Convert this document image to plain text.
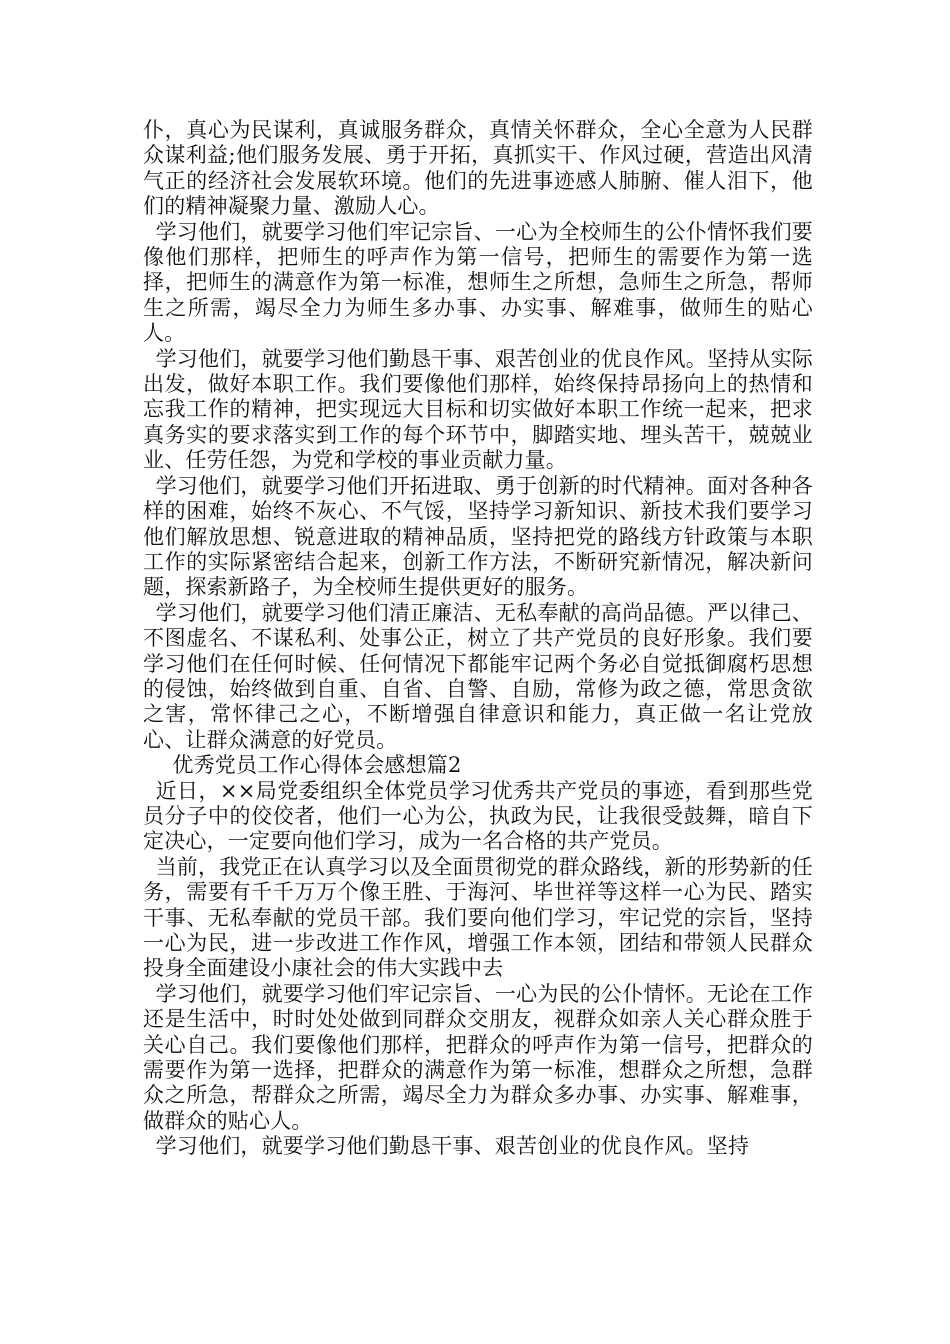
仆，真心为民谋利，真诚服务群众，真情关怀群众，全心全意为人民群众谋利益;他们服务发展、勇于开拓，真抓实干、作风过硬，营造出风清气正的经济社会发展软环境。他们的先进事迹感人肺腑、催人泪下，他们的精神凝聚力量、激励人心。

学习他们，就要学习他们牢记宗旨、一心为全校师生的公仆情怀我们要像他们那样，把师生的呼声作为第一信号，把师生的需要作为第一选择，把师生的满意作为第一标准，想师生之所想，急师生之所急，帮师生之所需，竭尽全力为师生多办事、办实事、解难事，做师生的贴心人。

学习他们，就要学习他们勤恳干事、艰苦创业的优良作风。坚持从实际出发，做好本职工作。我们要像他们那样，始终保持昂扬向上的热情和忘我工作的精神，把实现远大目标和切实做好本职工作统一起来，把求真务实的要求落实到工作的每个环节中，脚踏实地、埋头苦干，兢兢业业、任劳任怨，为党和学校的事业贡献力量。

学习他们，就要学习他们开拓进取、勇于创新的时代精神。面对各种各样的困难，始终不灰心、不气馁，坚持学习新知识、新技术我们要学习他们解放思想、锐意进取的精神品质，坚持把党的路线方针政策与本职工作的实际紧密结合起来，创新工作方法，不断研究新情况，解决新问题，探索新路子，为全校师生提供更好的服务。

学习他们，就要学习他们清正廉洁、无私奉献的高尚品德。严以律己、不图虚名、不谋私利、处事公正，树立了共产党员的良好形象。我们要学习他们在任何时候、任何情况下都能牢记两个务必自觉抵御腐朽思想的侵蚀，始终做到自重、自省、自警、自励，常修为政之德，常思贪欲之害，常怀律己之心，不断增强自律意识和能力，真正做一名让党放心、让群众满意的好党员。

优秀党员工作心得体会感想篇2

近日，××局党委组织全体党员学习优秀共产党员的事迹，看到那些党员分子中的佼佼者，他们一心为公，执政为民，让我很受鼓舞，暗自下定决心，一定要向他们学习，成为一名合格的共产党员。

当前，我党正在认真学习以及全面贯彻党的群众路线，新的形势新的任务，需要有千千万万个像王胜、于海河、毕世祥等这样一心为民、踏实干事、无私奉献的党员干部。我们要向他们学习，牢记党的宗旨，坚持一心为民，进一步改进工作作风，增强工作本领，团结和带领人民群众投身全面建设小康社会的伟大实践中去

学习他们，就要学习他们牢记宗旨、一心为民的公仆情怀。无论在工作还是生活中，时时处处做到同群众交朋友，视群众如亲人关心群众胜于关心自己。我们要像他们那样，把群众的呼声作为第一信号，把群众的需要作为第一选择，把群众的满意作为第一标准，想群众之所想，急群众之所急，帮群众之所需，竭尽全力为群众多办事、办实事、解难事，做群众的贴心人。

学习他们，就要学习他们勤恳干事、艰苦创业的优良作风。坚持
